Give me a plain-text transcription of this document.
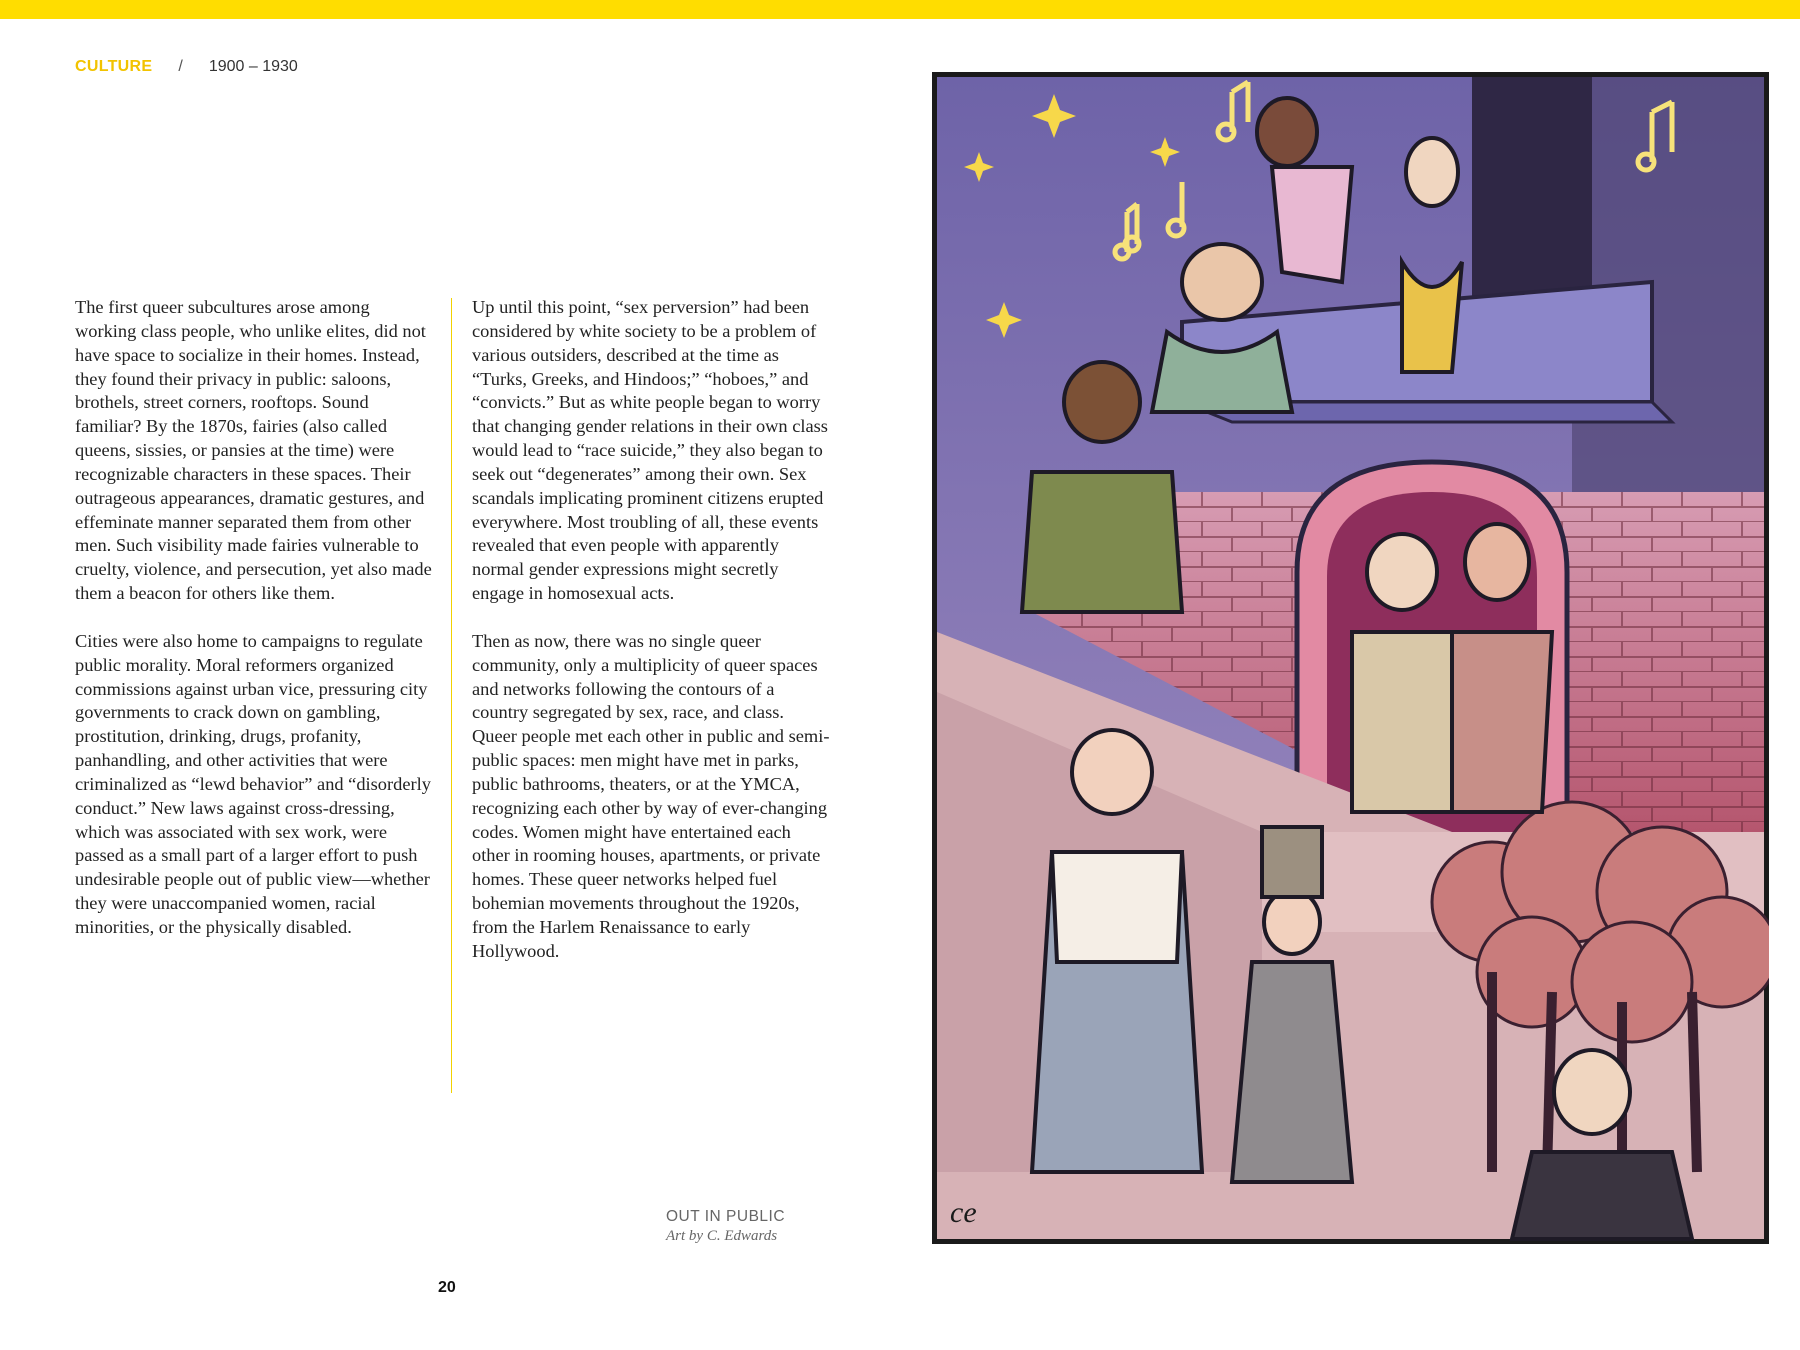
CULTURE / 1900 – 1930

The first queer subcultures arose among working class people, who unlike elites, did not have space to socialize in their homes. Instead, they found their privacy in public: saloons, brothels, street corners, rooftops. Sound familiar? By the 1870s, fairies (also called queens, sissies, or pansies at the time) were recognizable characters in these spaces. Their outrageous appearances, dramatic gestures, and effeminate manner separated them from other men. Such visibility made fairies vulnerable to cruelty, violence, and persecution, yet also made them a beacon for others like them.

Cities were also home to campaigns to regulate public morality. Moral reformers organized commissions against urban vice, pressuring city governments to crack down on gambling, prostitution, drinking, drugs, profanity, panhandling, and other activities that were criminalized as “lewd behavior” and “disorderly conduct.” New laws against cross-dressing, which was associated with sex work, were passed as a small part of a larger effort to push undesirable people out of public view—whether they were unaccompanied women, racial minorities, or the physically disabled.

Up until this point, “sex perversion” had been considered by white society to be a problem of various outsiders, described at the time as “Turks, Greeks, and Hindoos;” “hoboes,” and “convicts.” But as white people began to worry that changing gender relations in their own class would lead to “race suicide,” they also began to seek out “degenerates” among their own. Sex scandals implicating prominent citizens erupted everywhere. Most troubling of all, these events revealed that even people with apparently normal gender expressions might secretly engage in homosexual acts.

Then as now, there was no single queer community, only a multiplicity of queer spaces and networks following the contours of a country segregated by sex, race, and class. Queer people met each other in public and semi-public spaces: men might have met in parks, public bathrooms, theaters, or at the YMCA, recognizing each other by way of ever-changing codes. Women might have entertained each other in rooming houses, apartments, or private homes. These queer networks helped fuel bohemian movements throughout the 1920s, from the Harlem Renaissance to early Hollywood.

OUT IN PUBLIC
Art by C. Edwards
20
ce
